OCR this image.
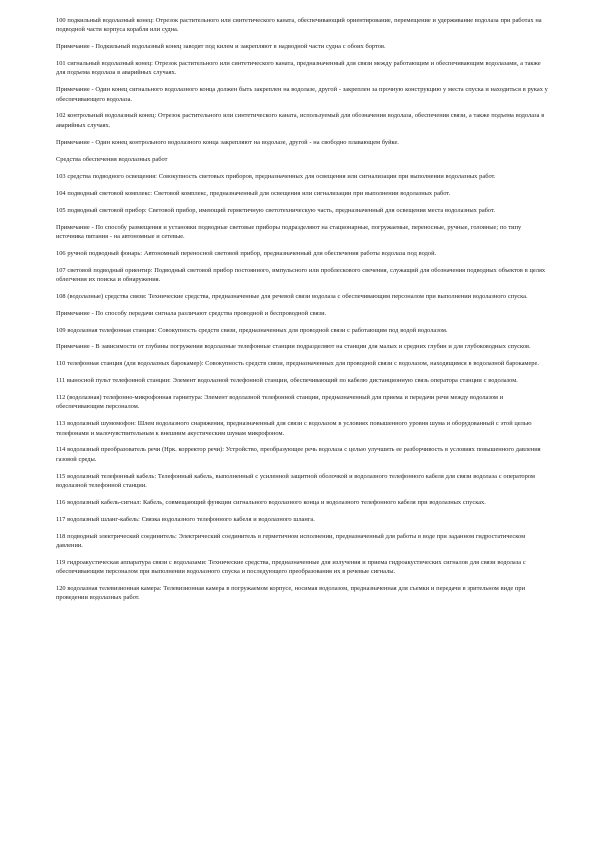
100 подкильный водолазный конец: Отрезок растительного или синтетического каната, обеспечивающий ориентирование, перемещение и удерживание водолаза при работах на подводной части корпуса корабля или судна.

Примечание - Подкильный водолазный конец заводят под килем и закрепляют в надводной части судна с обоих бортов.

101 сигнальный водолазный конец: Отрезок растительного или синтетического каната, предназначенный для связи между работающим и обеспечивающим водолазами, а также для подъема водолаза в аварийных случаях.

Примечание - Один конец сигнального водолазного конца должен быть закреплен на водолазе, другой - закреплен за прочную конструкцию у места спуска и находиться в руках у обеспечивающего водолаза.

102 контрольный водолазный конец: Отрезок растительного или синтетического каната, используемый для обозначения водолаза, обеспечения связи, а также подъема водолаза в аварийных случаях.

Примечание - Один конец контрольного водолазного конца закрепляют на водолазе, другой - на свободно плавающем буйке.

Средства обеспечения водолазных работ

103 средства подводного освещения: Совокупность световых приборов, предназначенных для освещения или сигнализации при выполнении водолазных работ.

104 подводный световой комплекс: Световой комплекс, предназначенный для освещения или сигнализации при выполнении водолазных работ.

105 подводный световой прибор: Световой прибор, имеющий герметичную светотехническую часть, предназначенный для освещения места водолазных работ.

Примечание - По способу размещения и установки подводные световые приборы подразделяют на стационарные, погружаемые, переносные, ручные, головные; по типу источника питания - на автономные и сетевые.

106 ручной подводный фонарь: Автономный переносной световой прибор, предназначенный для обеспечения работы водолаза под водой.

107 световой подводный ориентир: Подводный световой прибор постоянного, импульсного или проблескового свечения, служащий для обозначения подводных объектов в целях облегчения их поиска и обнаружения.

108 (водолазные) средства связи: Технические средства, предназначенные для речевой связи водолаза с обеспечивающим персоналом при выполнении водолазного спуска.

Примечание - По способу передачи сигнала различают средства проводной и беспроводной связи.

109 водолазная телефонная станция: Совокупность средств связи, предназначенных для проводной связи с работающим под водой водолазом.

Примечание - В зависимости от глубины погружения водолазные телефонные станции подразделяют на станции для малых и средних глубин и для глубоководных спусков.

110 телефонная станция (для водолазных барокамер): Совокупность средств связи, предназначенных для проводной связи с водолазом, находящимся в водолазной барокамере.

111 выносной пульт телефонной станции: Элемент водолазной телефонной станции, обеспечивающий по кабелю дистанционную связь оператора станции с водолазом.

112 (водолазная) телефонно-микрофонная гарнитура: Элемент водолазной телефонной станции, предназначенный для приема и передачи речи между водолазом и обеспечивающим персоналом.

113 водолазный шумомофон: Шлем водолазного снаряжения, предназначенный для связи с водолазом в условиях повышенного уровня шума и оборудованный с этой целью телефонами и малочувствительным к внешним акустическим шумам микрофоном.

114 водолазный преобразователь речи (Нрк. корректор речи): Устройство, преобразующее речь водолаза с целью улучшить ее разборчивость в условиях повышенного давления газовой среды.

115 водолазный телефонный кабель: Телефонный кабель, выполненный с усиленной защитной оболочкой и водолазного телефонного кабеля для связи водолаза с оператором водолазной телефонной станции.

116 водолазный кабель-сигнал: Кабель, совмещающий функции сигнального водолазного конца и водолазного телефонного кабеля при водолазных спусках.

117 водолазный шланг-кабель: Связка водолазного телефонного кабеля и водолазного шланга.

118 подводный электрический соединитель: Электрический соединитель в герметичном исполнении, предназначенный для работы в воде при заданном гидростатическом давлении.

119 гидроакустическая аппаратура связи с водолазами: Технические средства, предназначенные для излучения и приема гидроакустических сигналов для связи водолаза с обеспечивающим персоналом при выполнении водолазного спуска и последующего преобразования их в речевые сигналы.

120 водолазная телевизионная камера: Телевизионная камера в погружаемом корпусе, носимая водолазом, предназначенная для съемки и передачи в зрительном виде при проведении водолазных работ.
